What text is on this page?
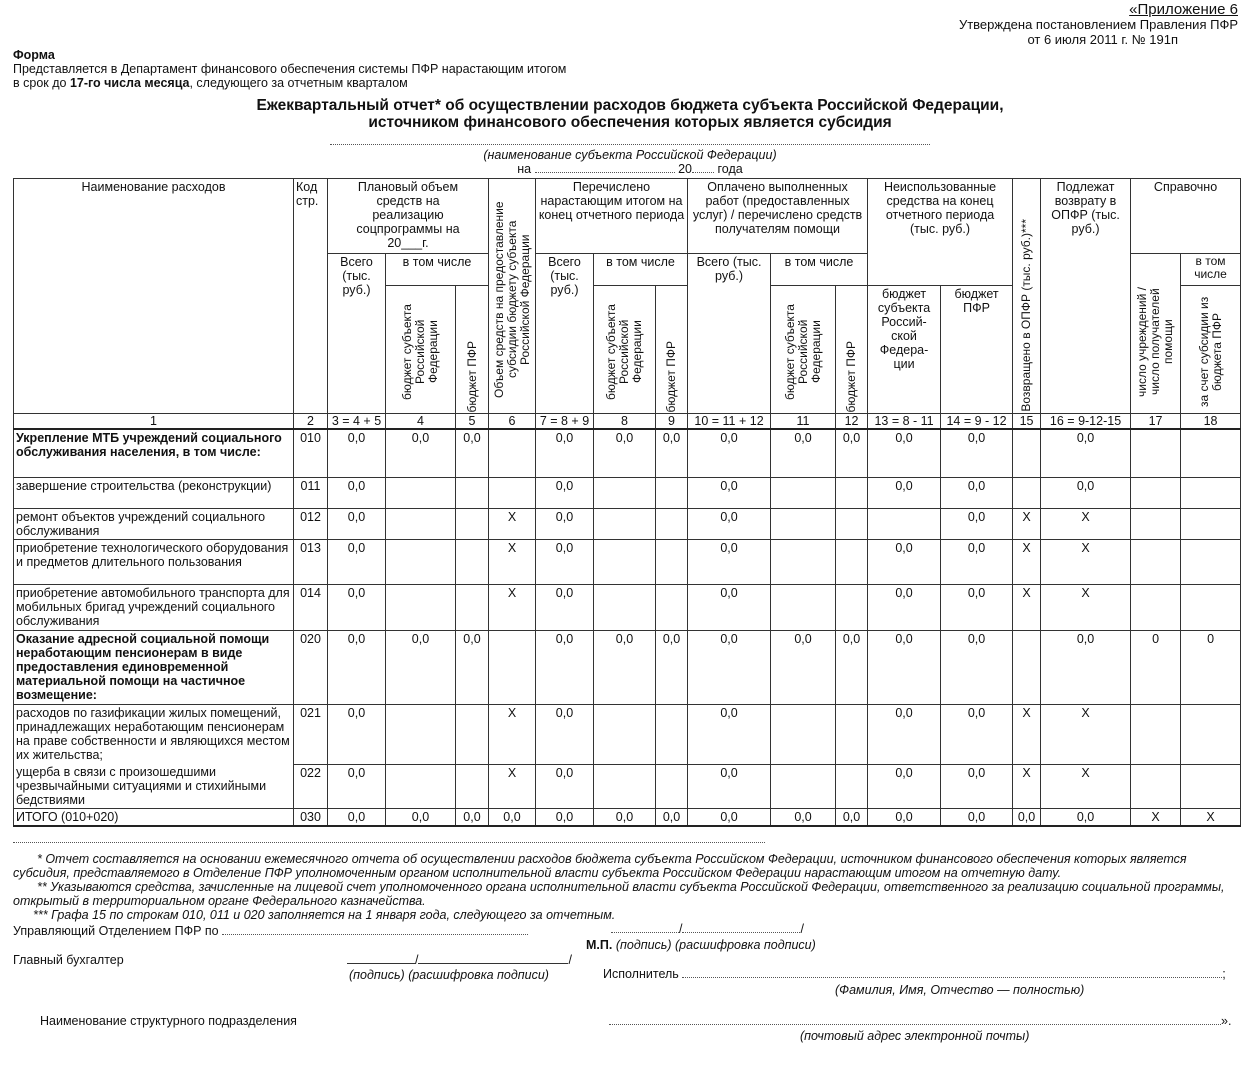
«Приложение 6
Утверждена постановлением Правления ПФР
от 6 июля 2011 г. № 191п
Форма
Представляется в Департамент финансового обеспечения системы ПФР нарастающим итогом
в срок до 17-го числа месяца, следующего за отчетным кварталом
Ежеквартальный отчет* об осуществлении расходов бюджета субъекта Российской Федерации,
источником финансового обеспечения которых является субсидия
(наименование субъекта Российской Федерации)
на	20 года
Наименование расходов	Код стр.	Плановый объем средств на реализацию соцпрограммы на 20___г.			Объем средств на предоставление субсидии бюджету субъекта Российской Федерации	Перечислено нарастающим итогом на конец отчетного периода			Оплачено выполненных работ (предоставленных услуг) / перечислено средств получателям помощи			Неиспользованные средства на конец отчетного периода (тыс. руб.)		Возвращено в ОПФР (тыс. руб.)***	Подлежат возврату в ОПФР (тыс. руб.)	Справочно	
		Всего (тыс. руб.)	в том числе			Всего (тыс. руб.)	в том числе		Всего (тыс. руб.)	в том числе						число учреждений / число получателей помощи	в том числе

			бюджет субъекта Российской Федерации	бюджет ПФР			бюджет субъекта Российской Федерации	бюджет ПФР		бюджет субъекта Российской Федерации	бюджет ПФР	бюджет субъекта Россий-ской Федера-ции	бюджет ПФР				за счет субсидии из бюджета ПФР

1	2	3 = 4 + 5	4	5	6	7 = 8 + 9	8	9	10 = 11 + 12	11	12	13 = 8 - 11	14 = 9 - 12	15	16 = 9-12-15	17	18
Укрепление МТБ учреждений социального обслуживания населения, в том числе:	010	0,0	0,0	0,0		0,0	0,0	0,0	0,0	0,0	0,0	0,0	0,0		0,0		
завершение строительства (реконструкции)	011	0,0				0,0			0,0			0,0	0,0		0,0		
ремонт объектов учреждений социального обслуживания	012	0,0			X	0,0			0,0				0,0	X	X		
приобретение технологического оборудования и предметов длительного пользования	013	0,0			X	0,0			0,0			0,0	0,0	X	X		
приобретение автомобильного транспорта для мобильных бригад учреждений социального обслуживания	014	0,0			X	0,0			0,0			0,0	0,0	X	X		
Оказание адресной социальной помощи неработающим пенсионерам в виде предоставления единовременной материальной помощи на частичное возмещение:	020	0,0	0,0	0,0		0,0	0,0	0,0	0,0	0,0	0,0	0,0	0,0		0,0	0	0
расходов по газификации жилых помещений, принадлежащих неработающим пенсионерам на праве собственности и являющихся местом их жительства;	021	0,0			X	0,0			0,0			0,0	0,0	X	X		
ущерба в связи с произошедшими чрезвычайными ситуациями и стихийными бедствиями	022	0,0			X	0,0			0,0			0,0	0,0	X	X		
ИТОГО (010+020)	030	0,0	0,0	0,0	0,0	0,0	0,0	0,0	0,0	0,0	0,0	0,0	0,0	0,0	0,0	X	X

* Отчет составляется на основании ежемесячного отчета об осуществлении расходов бюджета субъекта Российском Федерации, источником финансового обеспечения которых является субсидия, представляемого в Отделение ПФР уполномоченным органом исполнительной власти субъекта Российском Федерации нарастающим итогом на отчетную дату.

** Указываются средства, зачисленные на лицевой счет уполномоченного органа исполнительной власти субъекта Российской Федерации, ответственного за реализацию социальной программы, открытый в территориальном органе Федерального казначейства.

*** Графа 15 по строкам 010, 011 и 020 заполняется на 1 января года, следующего за отчетным.

Управляющий Отделением ПФР по	/	/
М.П. (подпись) (расшифровка подписи)
Главный бухгалтер	/	/
(подпись) (расшифровка подписи)	Исполнитель	;
(Фамилия, Имя, Отчество — полностью)
Наименование структурного подразделения	».
(почтовый адрес электронной почты)
